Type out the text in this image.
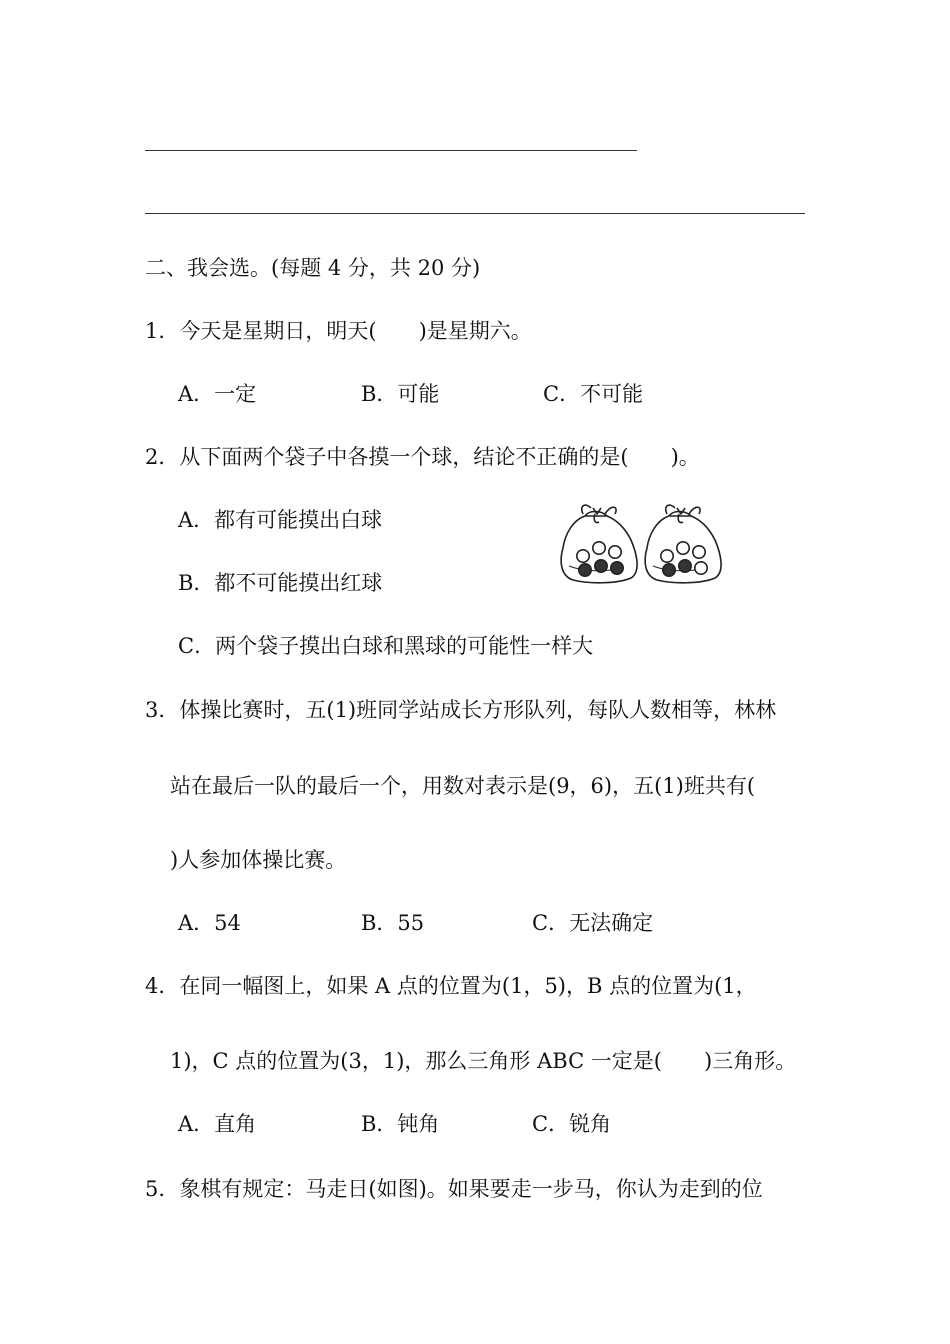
二、我会选。(每题 4 分，共 20 分)
1．今天是星期日，明天(　　)是星期六。
A．一定	B．可能	C．不可能
2．从下面两个袋子中各摸一个球，结论不正确的是(　　)。
A．都有可能摸出白球
B．都不可能摸出红球
C．两个袋子摸出白球和黑球的可能性一样大
3．体操比赛时，五(1)班同学站成长方形队列，每队人数相等，林林
站在最后一队的最后一个，用数对表示是(9，6)，五(1)班共有(
)人参加体操比赛。
A．54	B．55	C．无法确定
4．在同一幅图上，如果 A 点的位置为(1，5)，B 点的位置为(1，
1)，C 点的位置为(3，1)，那么三角形 ABC 一定是(　　)三角形。
A．直角	B．钝角	C．锐角
5．象棋有规定：马走日(如图)。如果要走一步马，你认为走到的位
